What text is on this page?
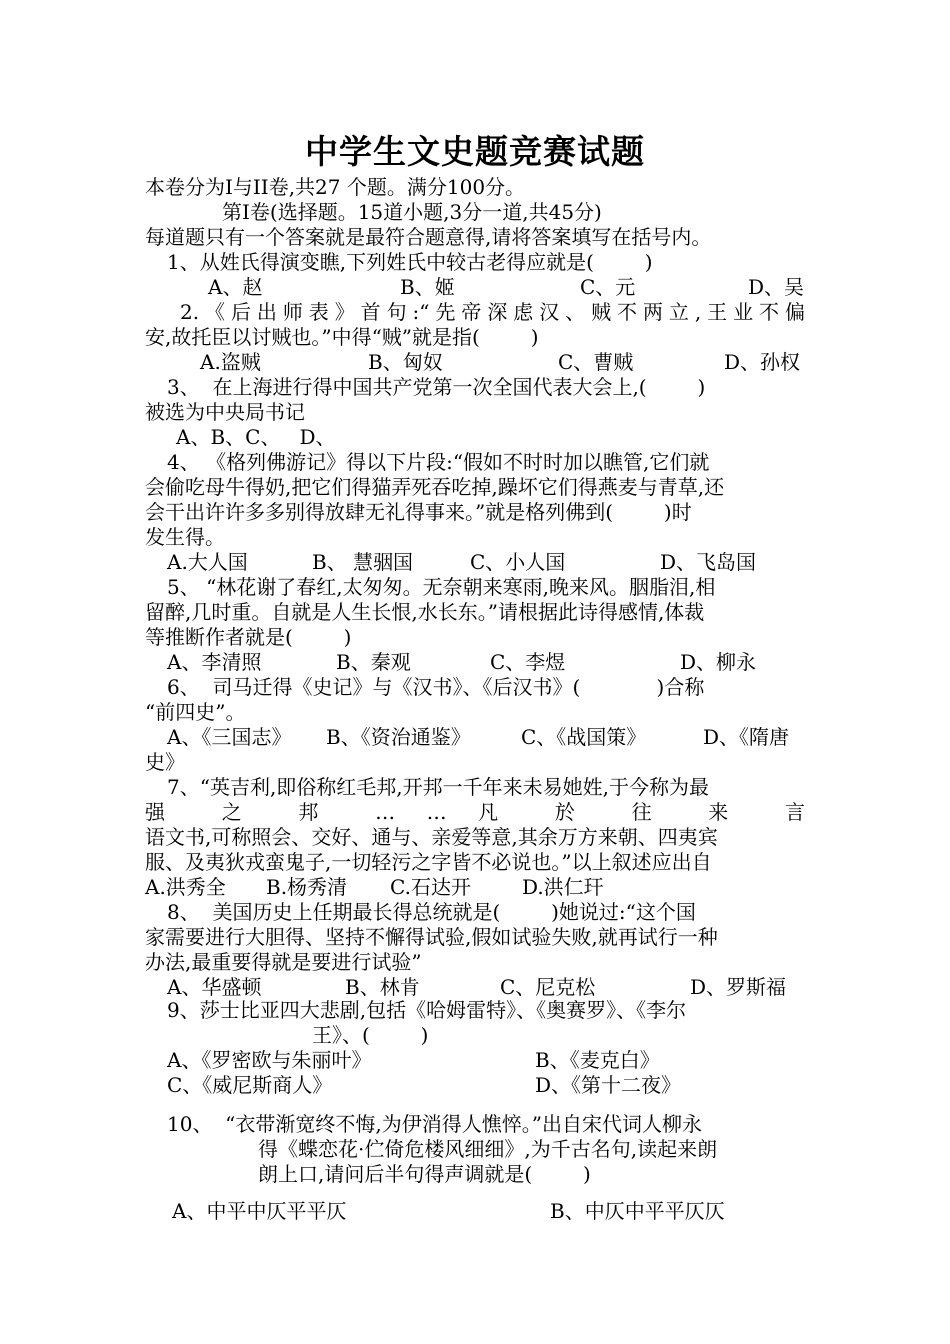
中学生文史题竞赛试题
本卷分为Ⅰ与II卷,共27 个题。满分100分。
第Ⅰ卷(选择题。15道小题,3分一道,共45分)
每道题只有一个答案就是最符合题意得,请将答案填写在括号内。
1、从姓氏得演变瞧,下列姓氏中较古老得应就是(        )
A、赵	B、姬	C、元	D、吴
2.《后出师表》首句:“先帝深虑汉、贼不两立,王业不偏
安,故托臣以讨贼也。”中得“贼”就是指(        )
A.盗贼	B、匈奴	C、曹贼	D、孙权
3、  在上海进行得中国共产党第一次全国代表大会上,(        )
被选为中央局书记
A、B、C、   D、
4、 《格列佛游记》得以下片段:“假如不时时加以瞧管,它们就
会偷吃母牛得奶,把它们得猫弄死吞吃掉,躁坏它们得燕麦与青草,还
会干出许许多多别得放肆无礼得事来。”就是格列佛到(        )时
发生得。
A.大人国	B、 慧骃国	C、小人国	D、飞岛国
5、 “林花谢了春红,太匆匆。无奈朝来寒雨,晚来风。胭脂泪,相
留醉,几时重。自就是人生长恨,水长东。”请根据此诗得感情,体裁
等推断作者就是(        )
A、李清照	B、秦观	C、李煜	D、柳永
6、  司马迁得《史记》与《汉书》、《后汉书》(            )合称
“前四史”。
A、《三国志》 B、《资治通鉴》	C、《战国策》	D、《隋唐
史》
7、“英吉利,即俗称红毛邦,开邦一千年来未易她姓,于今称为最
强 之 邦 … … 凡 於 往 来 言
语文书,可称照会、交好、通与、亲爱等意,其余万方来朝、四夷宾
服、及夷狄戎蛮鬼子,一切轻污之字皆不必说也。”以上叙述应出自
A.洪秀全 B.杨秀清 C.石达开	D.洪仁玕
8、  美国历史上任期最长得总统就是(        )她说过:“这个国
家需要进行大胆得、坚持不懈得试验,假如试验失败,就再试行一种
办法,最重要得就是要进行试验”
A、华盛顿	B、林肯	C、尼克松	D、罗斯福
9、莎士比亚四大悲剧,包括《哈姆雷特》、《奥赛罗》、《李尔
王》、(        )
A、《罗密欧与朱丽叶》	B、《麦克白》
C、《威尼斯商人》	D、《第十二夜》
10、  “衣带渐宽终不悔,为伊消得人憔悴。”出自宋代词人柳永
得《蝶恋花·伫倚危楼风细细》,为千古名句,读起来朗
朗上口,请问后半句得声调就是(        )
A、中平中仄平平仄	B、中仄中平平仄仄
